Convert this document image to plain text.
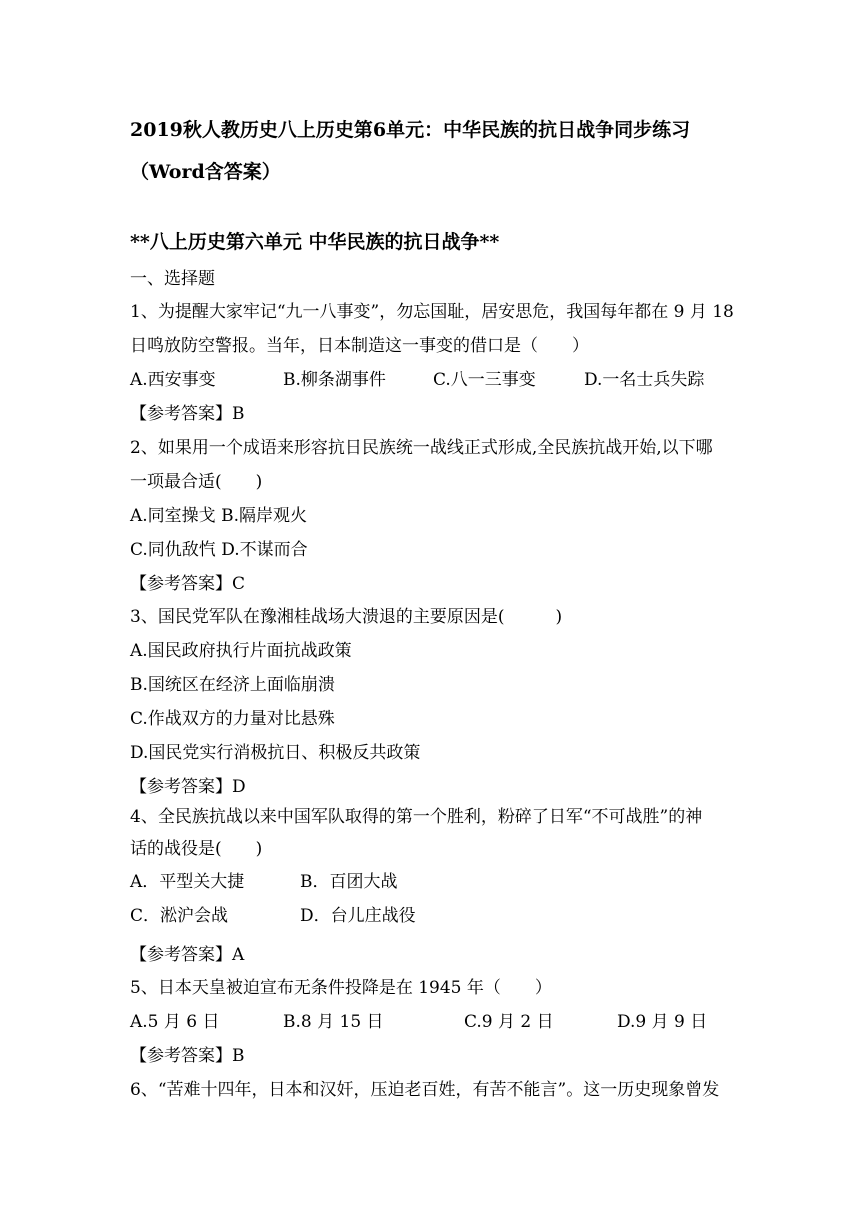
2019秋人教历史八上历史第6单元：中华民族的抗日战争同步练习
（Word含答案）
**八上历史第六单元 中华民族的抗日战争**
一、选择题
1、为提醒大家牢记“九一八事变”，勿忘国耻，居安思危，我国每年都在 9 月 18
日鸣放防空警报。当年，日本制造这一事变的借口是（　　）
A.西安事变	B.柳条湖事件	C.八一三事变	D.一名士兵失踪
【参考答案】B
2、如果用一个成语来形容抗日民族统一战线正式形成,全民族抗战开始,以下哪
一项最合适(　　)
A.同室操戈 B.隔岸观火
C.同仇敌忾 D.不谋而合
【参考答案】C
3、国民党军队在豫湘桂战场大溃退的主要原因是(　　　)
A.国民政府执行片面抗战政策
B.国统区在经济上面临崩溃
C.作战双方的力量对比悬殊
D.国民党实行消极抗日、积极反共政策
【参考答案】D
4、全民族抗战以来中国军队取得的第一个胜利，粉碎了日军“不可战胜”的神
话的战役是(　　)
A．平型关大捷	B．百团大战
C．淞沪会战	D．台儿庄战役
【参考答案】A
5、日本天皇被迫宣布无条件投降是在 1945 年（　　）
A.5 月 6 日	B.8 月 15 日	C.9 月 2 日	D.9 月 9 日
【参考答案】B
6、“苦难十四年，日本和汉奸，压迫老百姓，有苦不能言”。这一历史现象曾发
